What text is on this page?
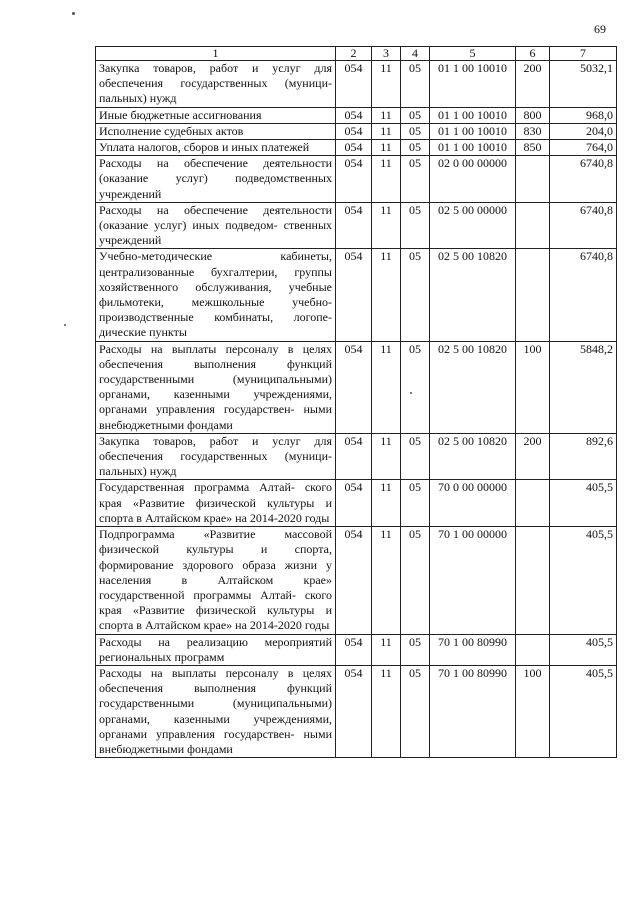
69
1	2	3	4	5	6	7
Закупка товаров, работ и услуг для обеспечения государственных (муници- пальных) нужд	054	11	05	01 1 00 10010	200	5032,1
Иные бюджетные ассигнования	054	11	05	01 1 00 10010	800	968,0
Исполнение судебных актов	054	11	05	01 1 00 10010	830	204,0
Уплата налогов, сборов и иных платежей	054	11	05	01 1 00 10010	850	764,0
Расходы на обеспечение деятельности (оказание услуг) подведомственных учреждений	054	11	05	02 0 00 00000		6740,8
Расходы на обеспечение деятельности (оказание услуг) иных подведом- ственных учреждений	054	11	05	02 5 00 00000		6740,8
Учебно-методические кабинеты, централизованные бухгалтерии, группы хозяйственного обслуживания, учебные фильмотеки, межшкольные учебно- производственные комбинаты, логопе- дические пункты	054	11	05	02 5 00 10820		6740,8
Расходы на выплаты персоналу в целях обеспечения выполнения функций государственными (муниципальными) органами, казенными учреждениями, органами управления государствен- ными внебюджетными фондами	054	11	05	02 5 00 10820	100	5848,2
Закупка товаров, работ и услуг для обеспечения государственных (муници- пальных) нужд	054	11	05	02 5 00 10820	200	892,6
Государственная программа Алтай- ского края «Развитие физической культуры и спорта в Алтайском крае» на 2014-2020 годы	054	11	05	70 0 00 00000		405,5
Подпрограмма «Развитие массовой физической культуры и спорта, формирование здорового образа жизни у населения в Алтайском крае» государственной программы Алтай- ского края «Развитие физической культуры и спорта в Алтайском крае» на 2014-2020 годы	054	11	05	70 1 00 00000		405,5
Расходы на реализацию мероприятий региональных программ	054	11	05	70 1 00 80990		405,5
Расходы на выплаты персоналу в целях обеспечения выполнения функций государственными (муниципальными) органами, казенными учреждениями, органами управления государствен- ными внебюджетными фондами	054	11	05	70 1 00 80990	100	405,5
